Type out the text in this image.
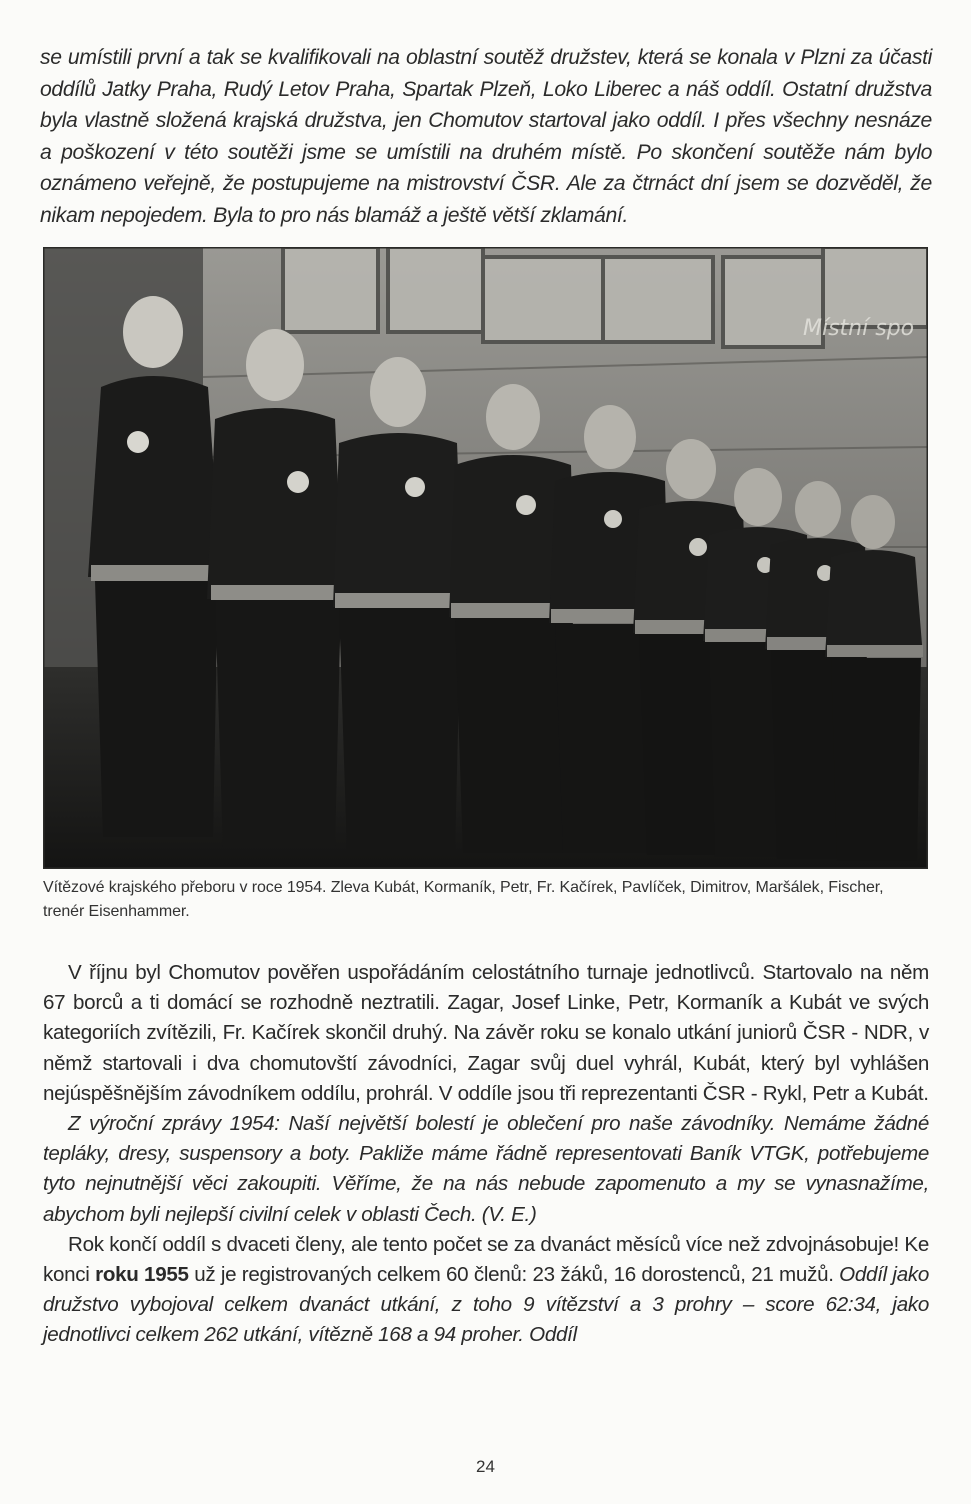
se umístili první a tak se kvalifikovali na oblastní soutěž družstev, která se konala v Plzni za účasti oddílů Jatky Praha, Rudý Letov Praha, Spartak Plzeň, Loko Liberec a náš oddíl. Ostatní družstva byla vlastně složená krajská družstva, jen Chomutov startoval jako oddíl. I přes všechny nesnáze a poškození v této soutěži jsme se umístili na druhém místě. Po skončení soutěže nám bylo oznámeno veřejně, že postupujeme na mistrovství ČSR. Ale za čtrnáct dní jsem se dozvěděl, že nikam nepojedem. Byla to pro nás blamáž a ještě větší zklamání.
Místní spo
Vítězové krajského přeboru v roce 1954. Zleva Kubát, Kormaník, Petr, Fr. Kačírek, Pavlíček, Dimitrov, Maršálek, Fischer, trenér Eisenhammer.

V říjnu byl Chomutov pověřen uspořádáním celostátního turnaje jednotlivců. Startovalo na něm 67 borců a ti domácí se rozhodně neztratili. Zagar, Josef Linke, Petr, Kormaník a Kubát ve svých kategoriích zvítězili, Fr. Kačírek skončil druhý. Na závěr roku se konalo utkání juniorů ČSR - NDR, v němž startovali i dva chomutovští závodníci, Zagar svůj duel vyhrál, Kubát, který byl vyhlášen nejúspěšnějším závodníkem oddílu, prohrál. V oddíle jsou tři reprezentanti ČSR - Rykl, Petr a Kubát.

Z výroční zprávy 1954: Naší největší bolestí je oblečení pro naše závodníky. Nemáme žádné tepláky, dresy, suspensory a boty. Pakliže máme řádně representovati Baník VTGK, potřebujeme tyto nejnutnější věci zakoupiti. Věříme, že na nás nebude zapomenuto a my se vynasnažíme, abychom byli nejlepší civilní celek v oblasti Čech. (V. E.)

Rok končí oddíl s dvaceti členy, ale tento počet se za dvanáct měsíců více než zdvojnásobuje! Ke konci roku 1955 už je registrovaných celkem 60 členů: 23 žáků, 16 dorostenců, 21 mužů. Oddíl jako družstvo vybojoval celkem dvanáct utkání, z toho 9 vítězství a 3 prohry – score 62:34, jako jednotlivci celkem 262 utkání, vítězně 168 a 94 proher. Oddíl

24
